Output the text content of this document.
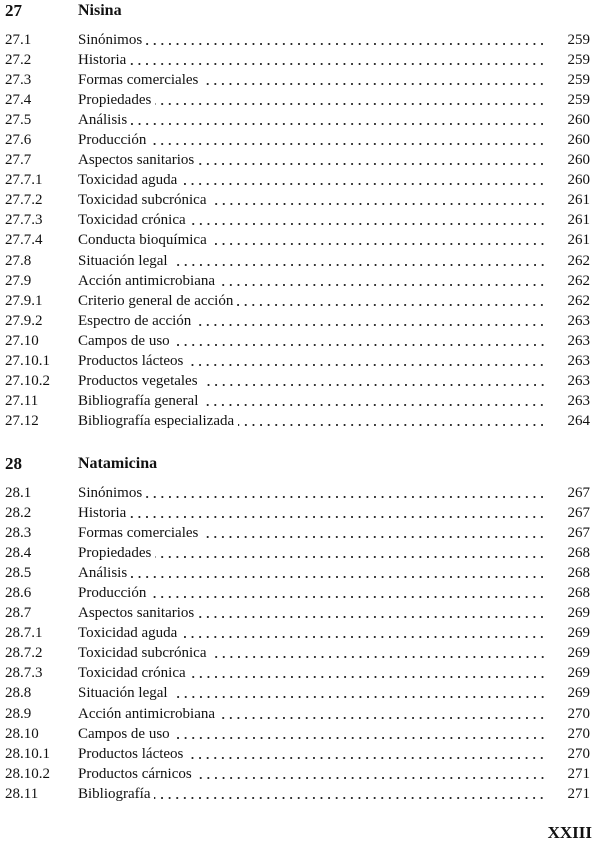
27	Nisina
27.1	Sinónimos	259
27.2	Historia	259
27.3	Formas comerciales	259
27.4	Propiedades	259
27.5	Análisis	260
27.6	Producción	260
27.7	Aspectos sanitarios	260
27.7.1	Toxicidad aguda	260
27.7.2	Toxicidad subcrónica	261
27.7.3	Toxicidad crónica	261
27.7.4	Conducta bioquímica	261
27.8	Situación legal	262
27.9	Acción antimicrobiana	262
27.9.1	Criterio general de acción	262
27.9.2	Espectro de acción	263
27.10	Campos de uso	263
27.10.1	Productos lácteos	263
27.10.2	Productos vegetales	263
27.11	Bibliografía general	263
27.12	Bibliografía especializada	264
28	Natamicina
28.1	Sinónimos	267
28.2	Historia	267
28.3	Formas comerciales	267
28.4	Propiedades	268
28.5	Análisis	268
28.6	Producción	268
28.7	Aspectos sanitarios	269
28.7.1	Toxicidad aguda	269
28.7.2	Toxicidad subcrónica	269
28.7.3	Toxicidad crónica	269
28.8	Situación legal	269
28.9	Acción antimicrobiana	270
28.10	Campos de uso	270
28.10.1	Productos lácteos	270
28.10.2	Productos cárnicos	271
28.11	Bibliografía	271
XXIII
